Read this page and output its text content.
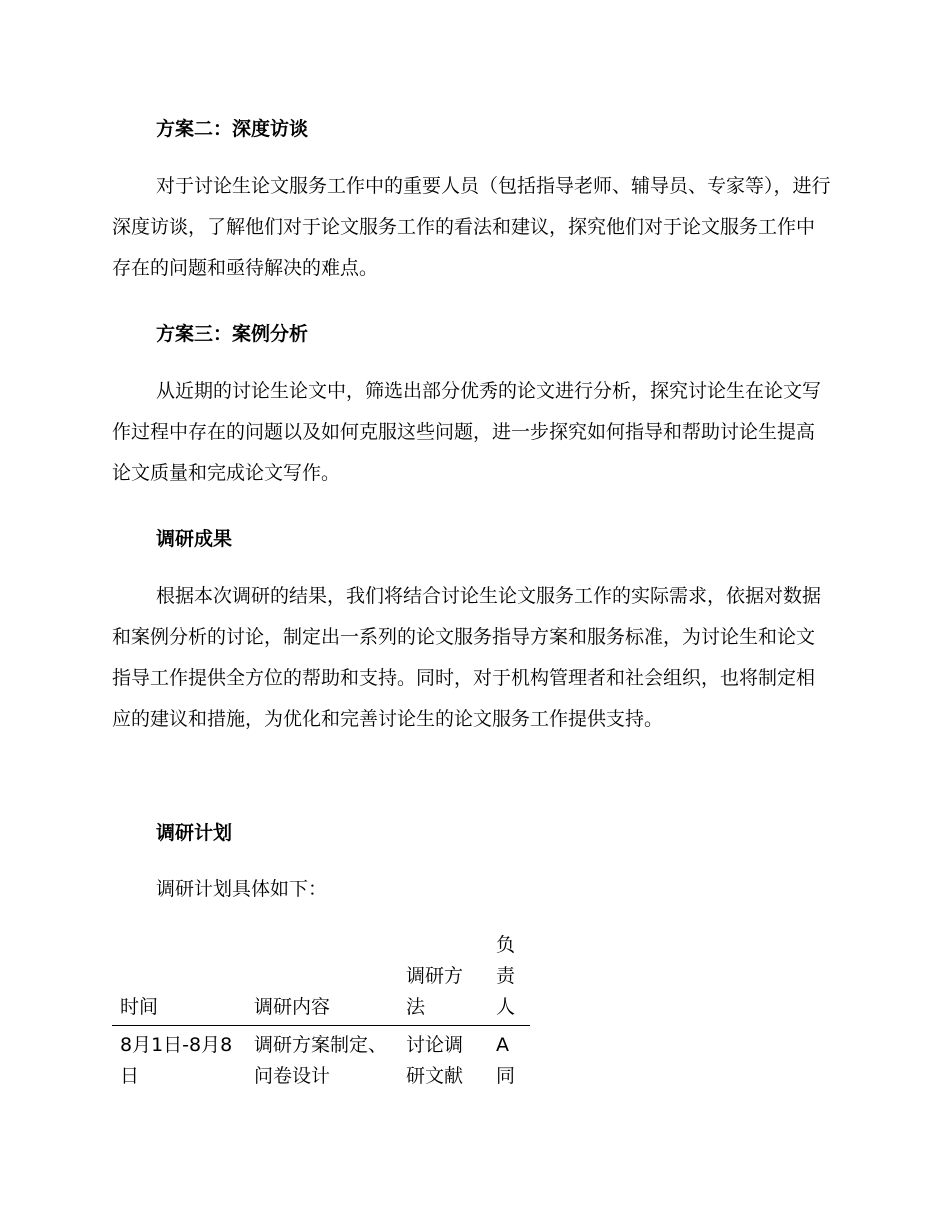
方案二：深度访谈
对于讨论生论文服务工作中的重要人员（包括指导老师、辅导员、专家等），进行深度访谈，了解他们对于论文服务工作的看法和建议，探究他们对于论文服务工作中存在的问题和亟待解决的难点。
方案三：案例分析
从近期的讨论生论文中，筛选出部分优秀的论文进行分析，探究讨论生在论文写作过程中存在的问题以及如何克服这些问题，进一步探究如何指导和帮助讨论生提高论文质量和完成论文写作。
调研成果
根据本次调研的结果，我们将结合讨论生论文服务工作的实际需求，依据对数据和案例分析的讨论，制定出一系列的论文服务指导方案和服务标准，为讨论生和论文指导工作提供全方位的帮助和支持。同时，对于机构管理者和社会组织，也将制定相应的建议和措施，为优化和完善讨论生的论文服务工作提供支持。
调研计划
调研计划具体如下：
时间	调研内容	调研方法	负责人
8月1日-8月8日	调研方案制定、问卷设计	讨论调研文献	A同
